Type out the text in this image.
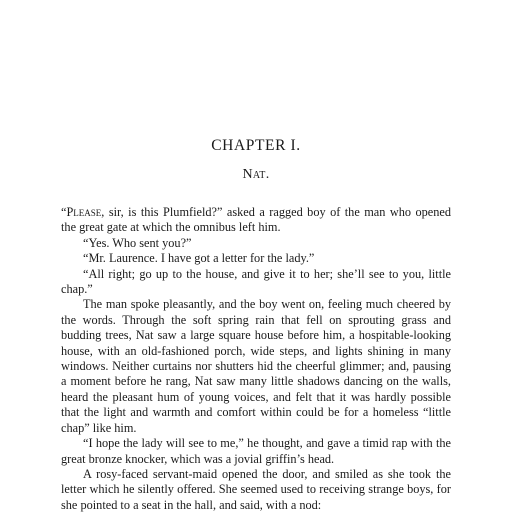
CHAPTER I.
Nat.

“Please, sir, is this Plumfield?” asked a ragged boy of the man who opened the great gate at which the omnibus left him.

“Yes. Who sent you?”

“Mr. Laurence. I have got a letter for the lady.”

“All right; go up to the house, and give it to her; she’ll see to you, little chap.”

The man spoke pleasantly, and the boy went on, feeling much cheered by the words. Through the soft spring rain that fell on sprouting grass and budding trees, Nat saw a large square house before him, a hospitable-looking house, with an old-fashioned porch, wide steps, and lights shining in many windows. Neither curtains nor shutters hid the cheerful glimmer; and, pausing a moment before he rang, Nat saw many little shadows dancing on the walls, heard the pleasant hum of young voices, and felt that it was hardly possible that the light and warmth and comfort within could be for a homeless “little chap” like him.

“I hope the lady will see to me,” he thought, and gave a timid rap with the great bronze knocker, which was a jovial griffin’s head.

A rosy-faced servant-maid opened the door, and smiled as she took the letter which he silently offered. She seemed used to receiving strange boys, for she pointed to a seat in the hall, and said, with a nod:
